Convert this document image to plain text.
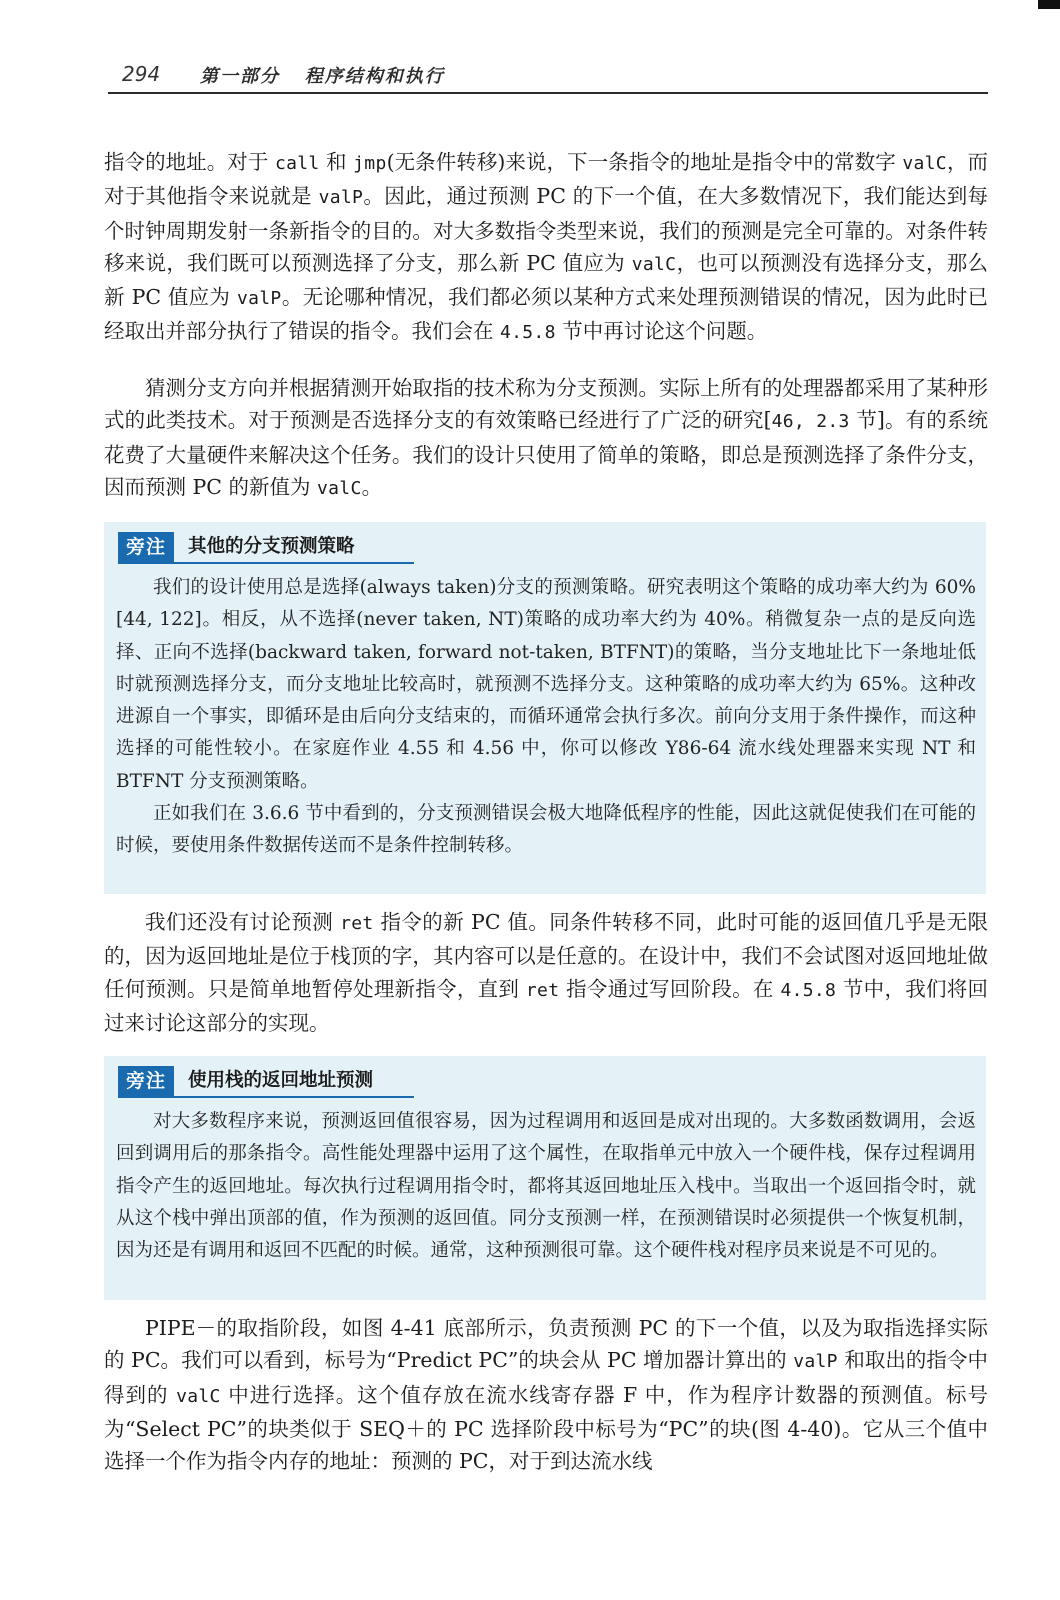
294 第一部分   程序结构和执行

指令的地址。对于 call 和 jmp(无条件转移)来说，下一条指令的地址是指令中的常数字 valC，而对于其他指令来说就是 valP。因此，通过预测 PC 的下一个值，在大多数情况下，我们能达到每个时钟周期发射一条新指令的目的。对大多数指令类型来说，我们的预测是完全可靠的。对条件转移来说，我们既可以预测选择了分支，那么新 PC 值应为 valC，也可以预测没有选择分支，那么新 PC 值应为 valP。无论哪种情况，我们都必须以某种方式来处理预测错误的情况，因为此时已经取出并部分执行了错误的指令。我们会在 4.5.8 节中再讨论这个问题。

猜测分支方向并根据猜测开始取指的技术称为分支预测。实际上所有的处理器都采用了某种形式的此类技术。对于预测是否选择分支的有效策略已经进行了广泛的研究[46, 2.3 节]。有的系统花费了大量硬件来解决这个任务。我们的设计只使用了简单的策略，即总是预测选择了条件分支，因而预测 PC 的新值为 valC。

旁注	其他的分支预测策略

我们的设计使用总是选择(always taken)分支的预测策略。研究表明这个策略的成功率大约为 60%[44, 122]。相反，从不选择(never taken, NT)策略的成功率大约为 40%。稍微复杂一点的是反向选择、正向不选择(backward taken, forward not-taken, BTFNT)的策略，当分支地址比下一条地址低时就预测选择分支，而分支地址比较高时，就预测不选择分支。这种策略的成功率大约为 65%。这种改进源自一个事实，即循环是由后向分支结束的，而循环通常会执行多次。前向分支用于条件操作，而这种选择的可能性较小。在家庭作业 4.55 和 4.56 中，你可以修改 Y86-64 流水线处理器来实现 NT 和 BTFNT 分支预测策略。

正如我们在 3.6.6 节中看到的，分支预测错误会极大地降低程序的性能，因此这就促使我们在可能的时候，要使用条件数据传送而不是条件控制转移。

我们还没有讨论预测 ret 指令的新 PC 值。同条件转移不同，此时可能的返回值几乎是无限的，因为返回地址是位于栈顶的字，其内容可以是任意的。在设计中，我们不会试图对返回地址做任何预测。只是简单地暂停处理新指令，直到 ret 指令通过写回阶段。在 4.5.8 节中，我们将回过来讨论这部分的实现。

旁注	使用栈的返回地址预测

对大多数程序来说，预测返回值很容易，因为过程调用和返回是成对出现的。大多数函数调用，会返回到调用后的那条指令。高性能处理器中运用了这个属性，在取指单元中放入一个硬件栈，保存过程调用指令产生的返回地址。每次执行过程调用指令时，都将其返回地址压入栈中。当取出一个返回指令时，就从这个栈中弹出顶部的值，作为预测的返回值。同分支预测一样，在预测错误时必须提供一个恢复机制，因为还是有调用和返回不匹配的时候。通常，这种预测很可靠。这个硬件栈对程序员来说是不可见的。

PIPE－的取指阶段，如图 4-41 底部所示，负责预测 PC 的下一个值，以及为取指选择实际的 PC。我们可以看到，标号为“Predict PC”的块会从 PC 增加器计算出的 valP 和取出的指令中得到的 valC 中进行选择。这个值存放在流水线寄存器 F 中，作为程序计数器的预测值。标号为“Select PC”的块类似于 SEQ＋的 PC 选择阶段中标号为“PC”的块(图 4-40)。它从三个值中选择一个作为指令内存的地址：预测的 PC，对于到达流水线
